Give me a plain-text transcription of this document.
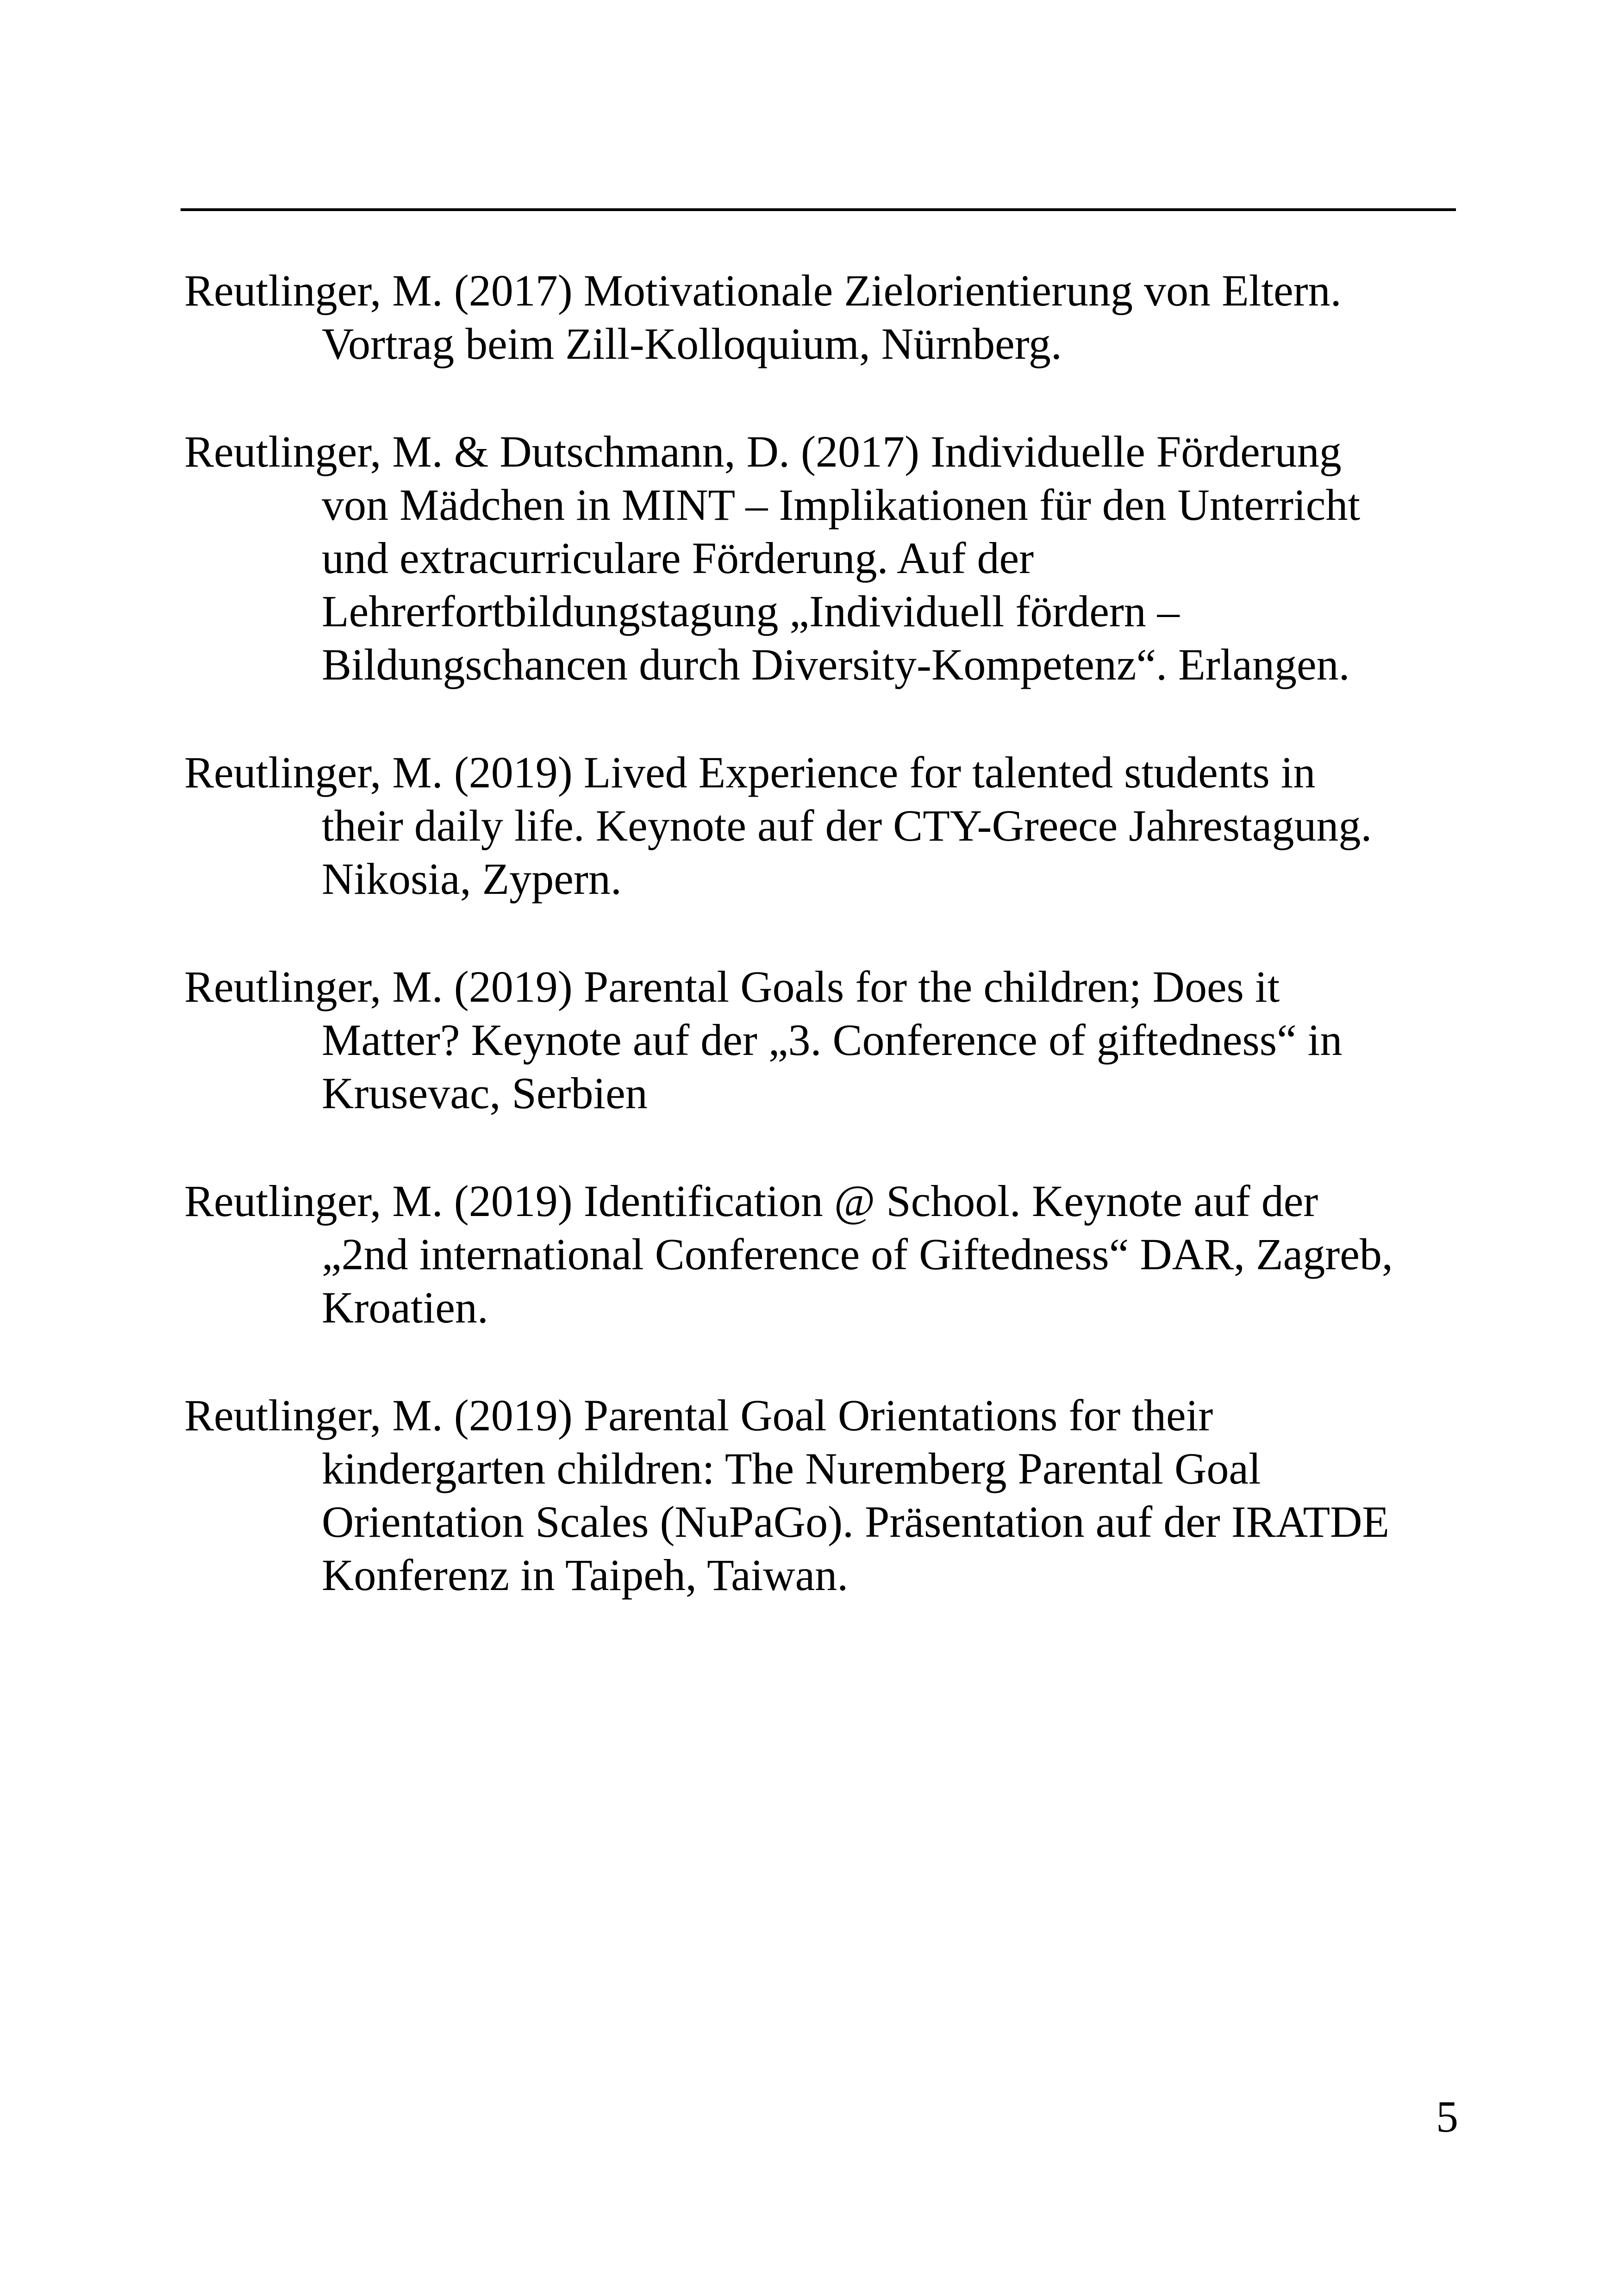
Reutlinger, M. (2017) Motivationale Zielorientierung von Eltern.
Vortrag beim Zill-Kolloquium, Nürnberg.
Reutlinger, M. & Dutschmann, D. (2017) Individuelle Förderung
von Mädchen in MINT – Implikationen für den Unterricht
und extracurriculare Förderung. Auf der
Lehrerfortbildungstagung „Individuell fördern –
Bildungschancen durch Diversity-Kompetenz“. Erlangen.
Reutlinger, M. (2019) Lived Experience for talented students in
their daily life. Keynote auf der CTY-Greece Jahrestagung.
Nikosia, Zypern.
Reutlinger, M. (2019) Parental Goals for the children; Does it
Matter? Keynote auf der „3. Conference of giftedness“ in
Krusevac, Serbien
Reutlinger, M. (2019) Identification @ School. Keynote auf der
„2nd international Conference of Giftedness“ DAR, Zagreb,
Kroatien.
Reutlinger, M. (2019) Parental Goal Orientations for their
kindergarten children: The Nuremberg Parental Goal
Orientation Scales (NuPaGo). Präsentation auf der IRATDE
Konferenz in Taipeh, Taiwan.
5
